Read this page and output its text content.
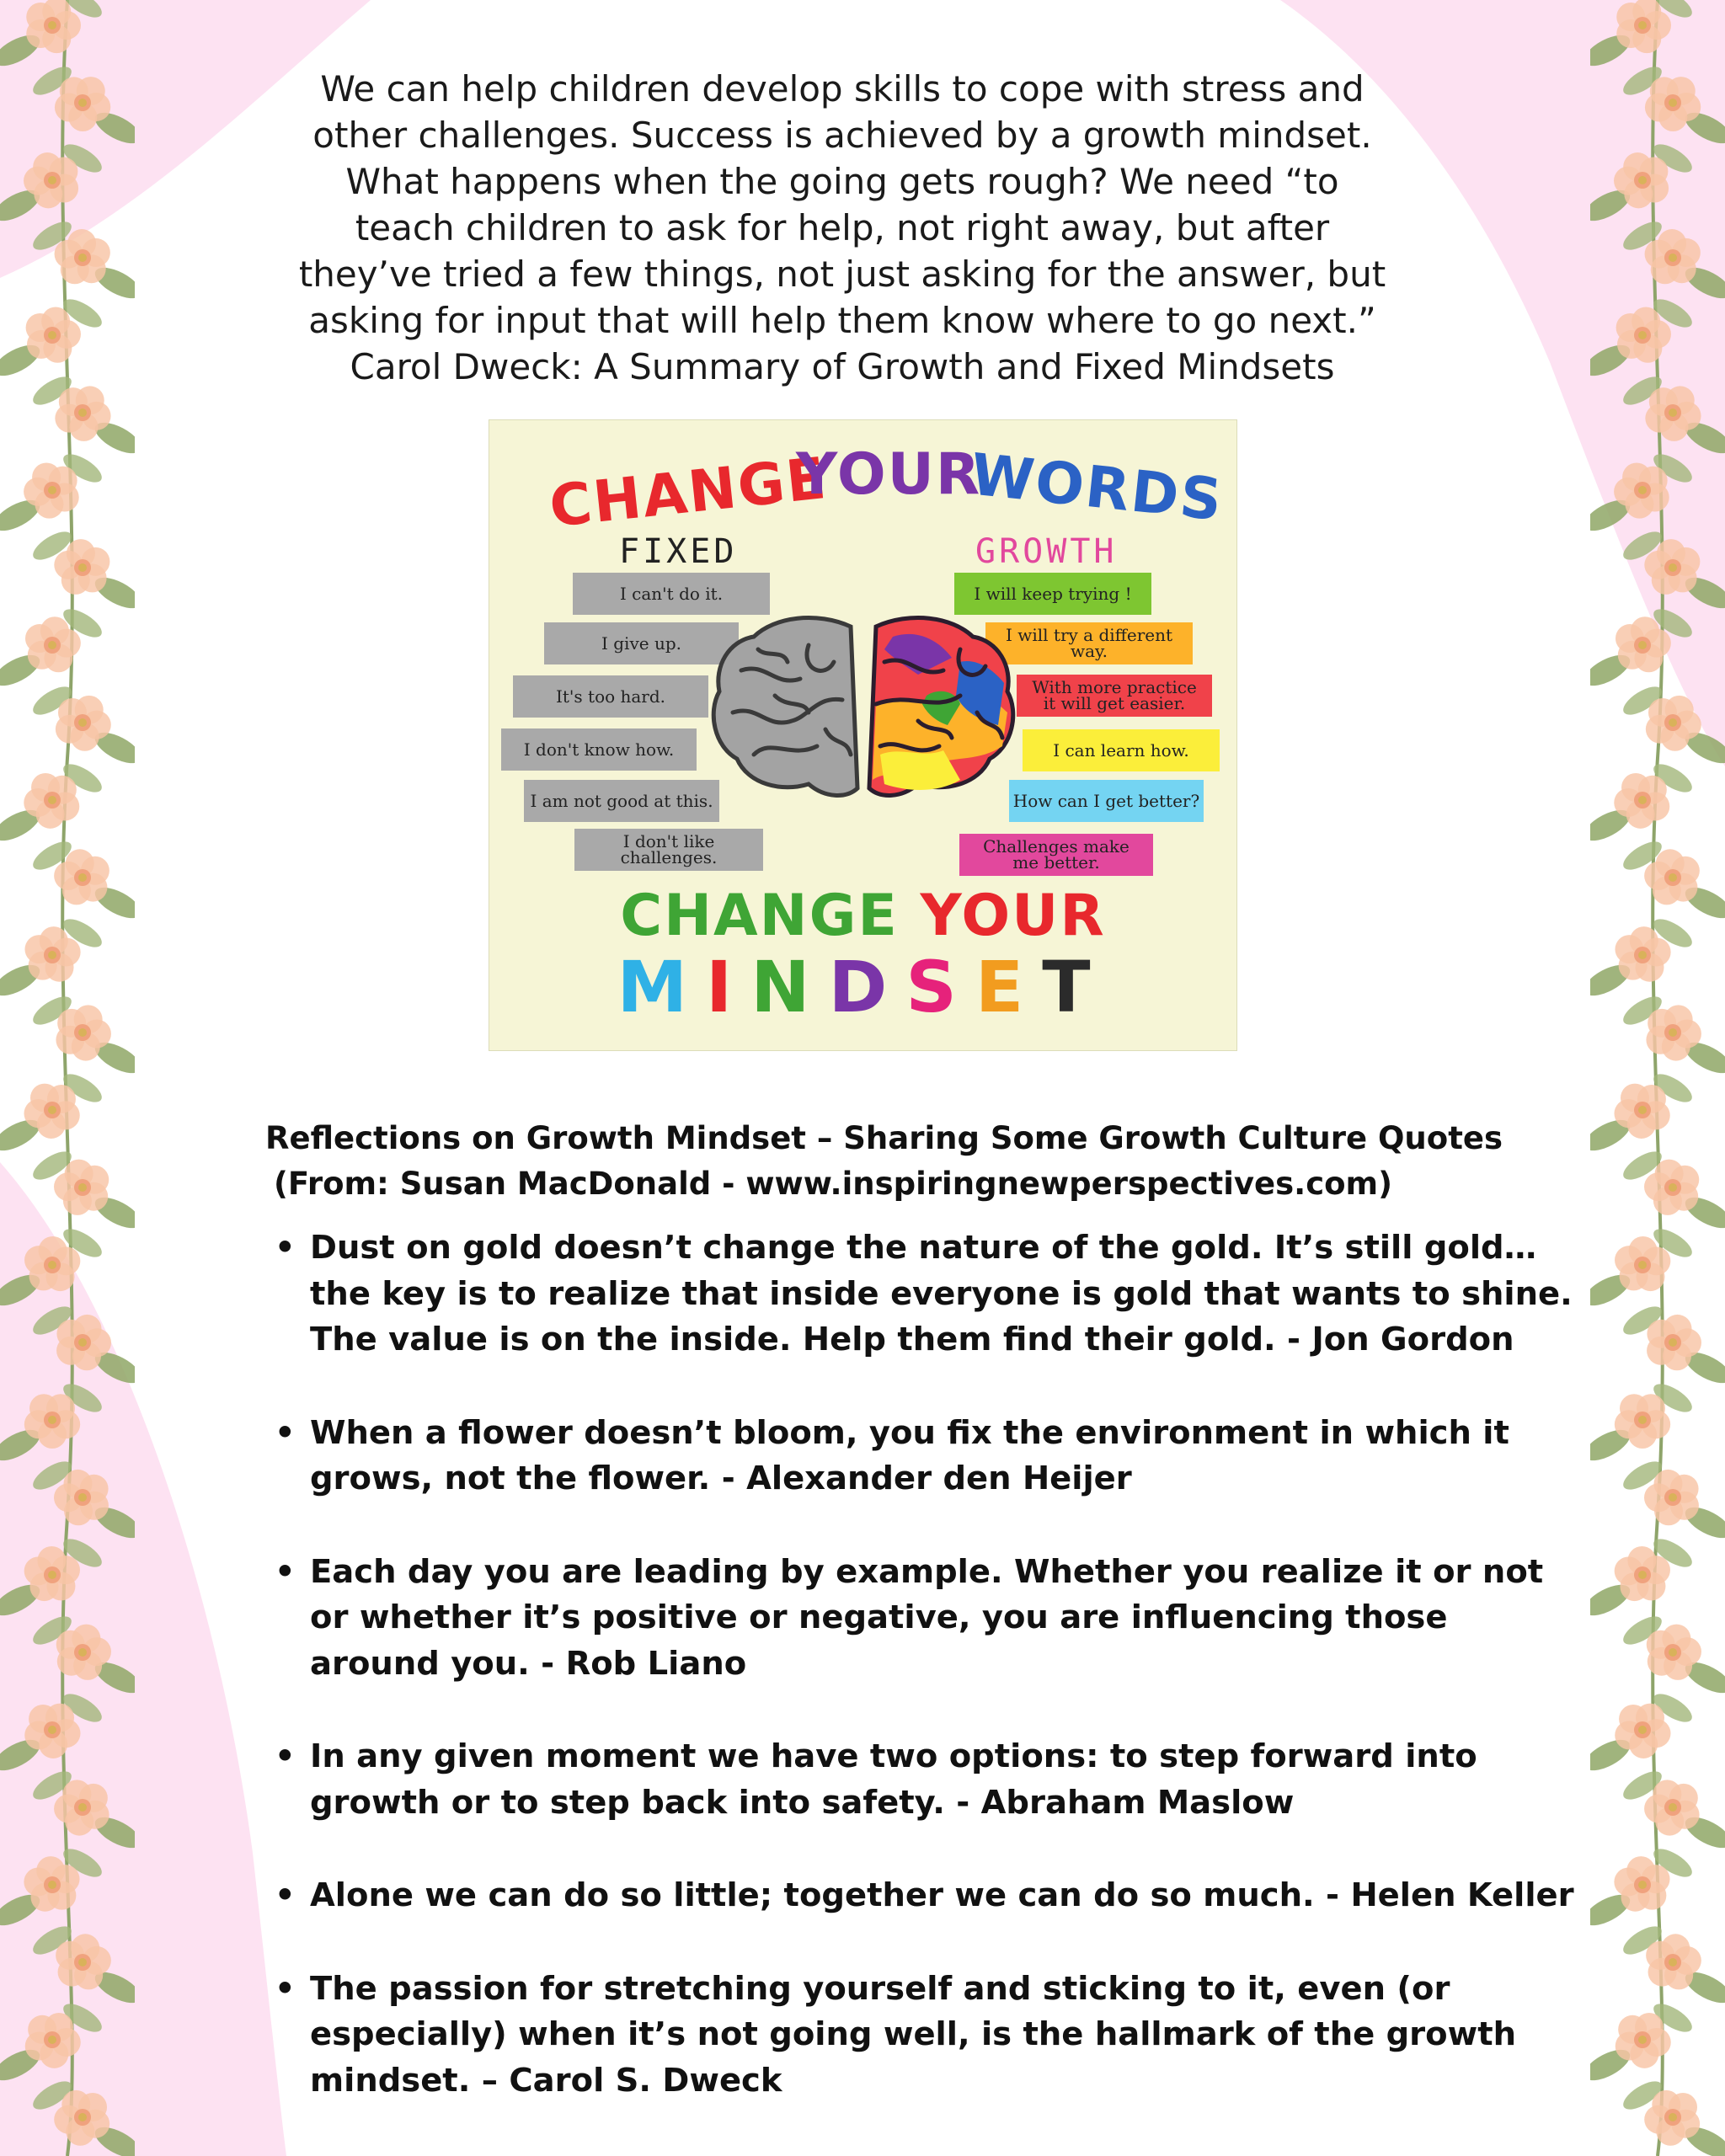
We can help children develop skills to cope with stress and other challenges. Success is achieved by a growth mindset. What happens when the going gets rough? We need “to teach children to ask for help, not right away, but after they’ve tried a few things, not just asking for the answer, but asking for input that will help them know where to go next.” Carol Dweck: A Summary of Growth and Fixed Mindsets
CHANGE
YOUR
WORDS
FIXED	GROWTH
I can't do it.
I give up.
It's too hard.
I don't know how.
I am not good at this.
I don't like challenges.
I will keep trying !
I will try a different way.
With more practice it will get easier.
I can learn how.
How can I get better?
Challenges make me better.
CHANGE YOUR
MINDSET
Reflections on Growth Mindset – Sharing Some Growth Culture Quotes
(From: Susan MacDonald - www.inspiringnewperspectives.com)
• Dust on gold doesn’t change the nature of the gold. It’s still gold…the key is to realize that inside everyone is gold that wants to shine. The value is on the inside. Help them find their gold. - Jon Gordon
• When a flower doesn’t bloom, you fix the environment in which it grows, not the flower. - Alexander den Heijer
• Each day you are leading by example. Whether you realize it or not or whether it’s positive or negative, you are influencing those around you. - Rob Liano
• In any given moment we have two options: to step forward into growth or to step back into safety. - Abraham Maslow
• Alone we can do so little; together we can do so much. - Helen Keller
• The passion for stretching yourself and sticking to it, even (or especially) when it’s not going well, is the hallmark of the growth mindset. – Carol S. Dweck
